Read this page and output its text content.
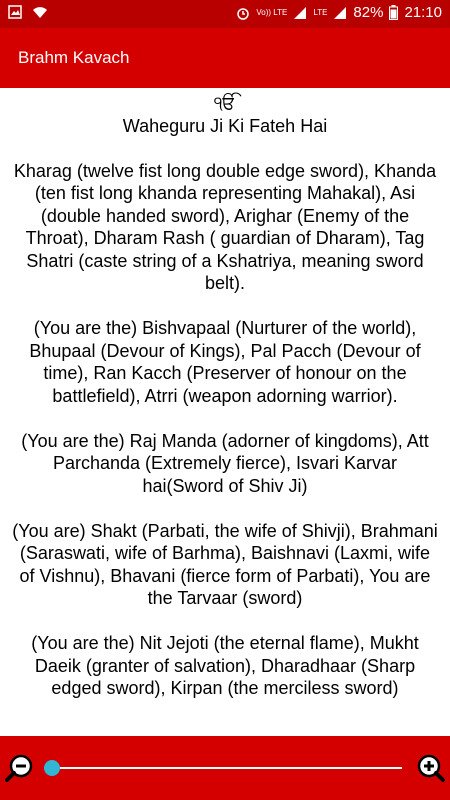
Vo)) LTE	LTE 82% 21:10
Brahm Kavach
ੴ

Waheguru Ji Ki Fateh Hai

Kharag (twelve fist long double edge sword), Khanda (ten fist long khanda representing Mahakal), Asi (double handed sword), Arighar (Enemy of the Throat), Dharam Rash ( guardian of Dharam), Tag Shatri (caste string of a Kshatriya, meaning sword belt).

(You are the) Bishvapaal (Nurturer of the world), Bhupaal (Devour of Kings), Pal Pacch (Devour of time), Ran Kacch (Preserver of honour on the battlefield), Atrri (weapon adorning warrior).

(You are the) Raj Manda (adorner of kingdoms), Att Parchanda (Extremely fierce), Isvari Karvar hai(Sword of Shiv Ji)

(You are) Shakt (Parbati, the wife of Shivji), Brahmani (Saraswati, wife of Barhma), Baishnavi (Laxmi, wife of Vishnu), Bhavani (fierce form of Parbati), You are the Tarvaar (sword)

(You are the) Nit Jejoti (the eternal flame), Mukht Daeik (granter of salvation), Dharadhaar (Sharp edged sword), Kirpan (the merciless sword)
